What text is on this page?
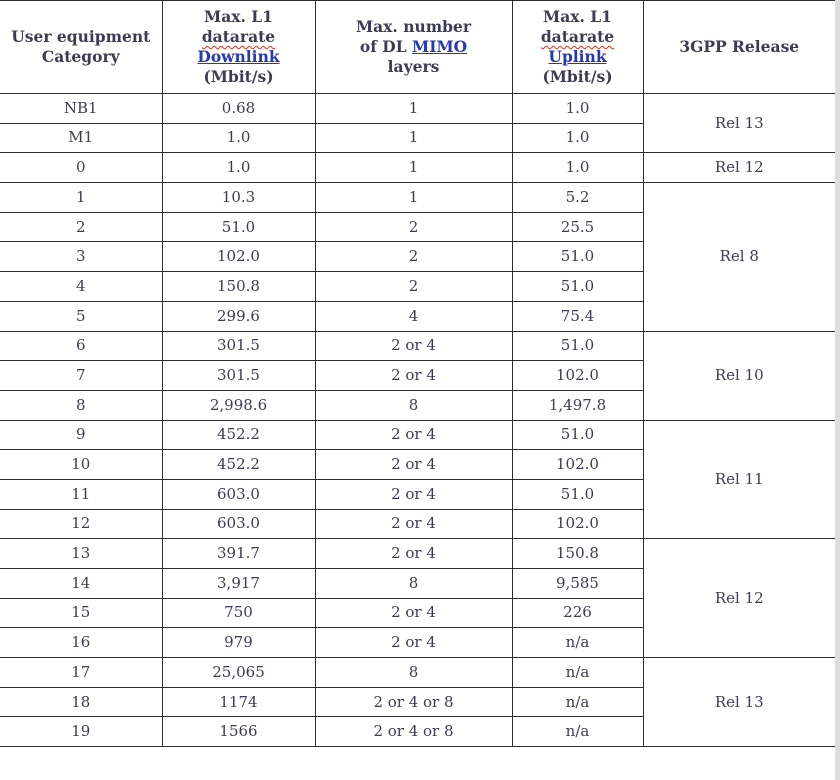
User equipment Category	Max. L1
datarate
Downlink
(Mbit/s)	Max. number
of DL MIMO
layers	Max. L1
datarate
Uplink
(Mbit/s)	3GPP Release
NB1	0.68	1	1.0	Rel 13
M1	1.0	1	1.0	
0	1.0	1	1.0	Rel 12
1	10.3	1	5.2	Rel 8
2	51.0	2	25.5	
3	102.0	2	51.0	
4	150.8	2	51.0	
5	299.6	4	75.4	
6	301.5	2 or 4	51.0	Rel 10
7	301.5	2 or 4	102.0	
8	2,998.6	8	1,497.8	
9	452.2	2 or 4	51.0	Rel 11
10	452.2	2 or 4	102.0	
11	603.0	2 or 4	51.0	
12	603.0	2 or 4	102.0	
13	391.7	2 or 4	150.8	Rel 12
14	3,917	8	9,585	
15	750	2 or 4	226	
16	979	2 or 4	n/a	
17	25,065	8	n/a	Rel 13
18	1174	2 or 4 or 8	n/a	
19	1566	2 or 4 or 8	n/a	
